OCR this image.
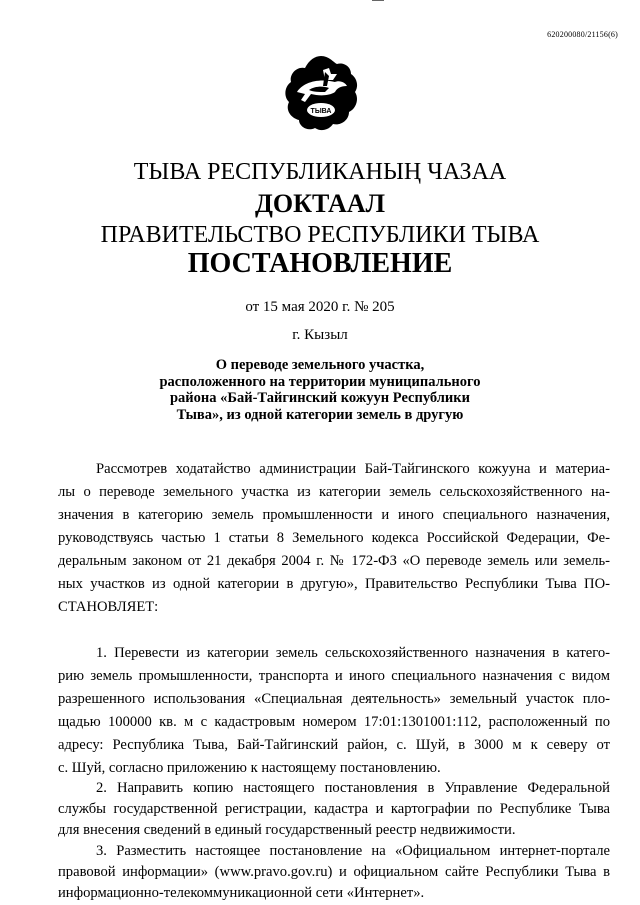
620200080/21156(6)
ТЫВА
ТЫВА РЕСПУБЛИКАНЫҢ ЧАЗАА
ДОКТААЛ
ПРАВИТЕЛЬСТВО РЕСПУБЛИКИ ТЫВА
ПОСТАНОВЛЕНИЕ
от 15 мая 2020 г. № 205
г. Кызыл
О переводе земельного участка,
расположенного на территории муниципального
района «Бай-Тайгинский кожуун Республики
Тыва», из одной категории земель в другую
Рассмотрев ходатайство администрации Бай-Тайгинского кожууна и материа-
лы о переводе земельного участка из категории земель сельскохозяйственного на-
значения в категорию земель промышленности и иного специального назначения,
руководствуясь частью 1 статьи 8 Земельного кодекса Российской Федерации, Фе-
деральным законом от 21 декабря 2004 г. № 172-ФЗ «О переводе земель или земель-
ных участков из одной категории в другую», Правительство Республики Тыва ПО-
СТАНОВЛЯЕТ:
1. Перевести из категории земель сельскохозяйственного назначения в катего-
рию земель промышленности, транспорта и иного специального назначения с видом
разрешенного использования «Специальная деятельность» земельный участок пло-
щадью 100000 кв. м с кадастровым номером 17:01:1301001:112, расположенный по
адресу: Республика Тыва, Бай-Тайгинский район, с. Шуй, в 3000 м к северу от
с. Шуй, согласно приложению к настоящему постановлению.
2. Направить копию настоящего постановления в Управление Федеральной
службы государственной регистрации, кадастра и картографии по Республике Тыва
для внесения сведений в единый государственный реестр недвижимости.
3. Разместить настоящее постановление на «Официальном интернет-портале
правовой информации» (www.pravo.gov.ru) и официальном сайте Республики Тыва в
информационно-телекоммуникационной сети «Интернет».
